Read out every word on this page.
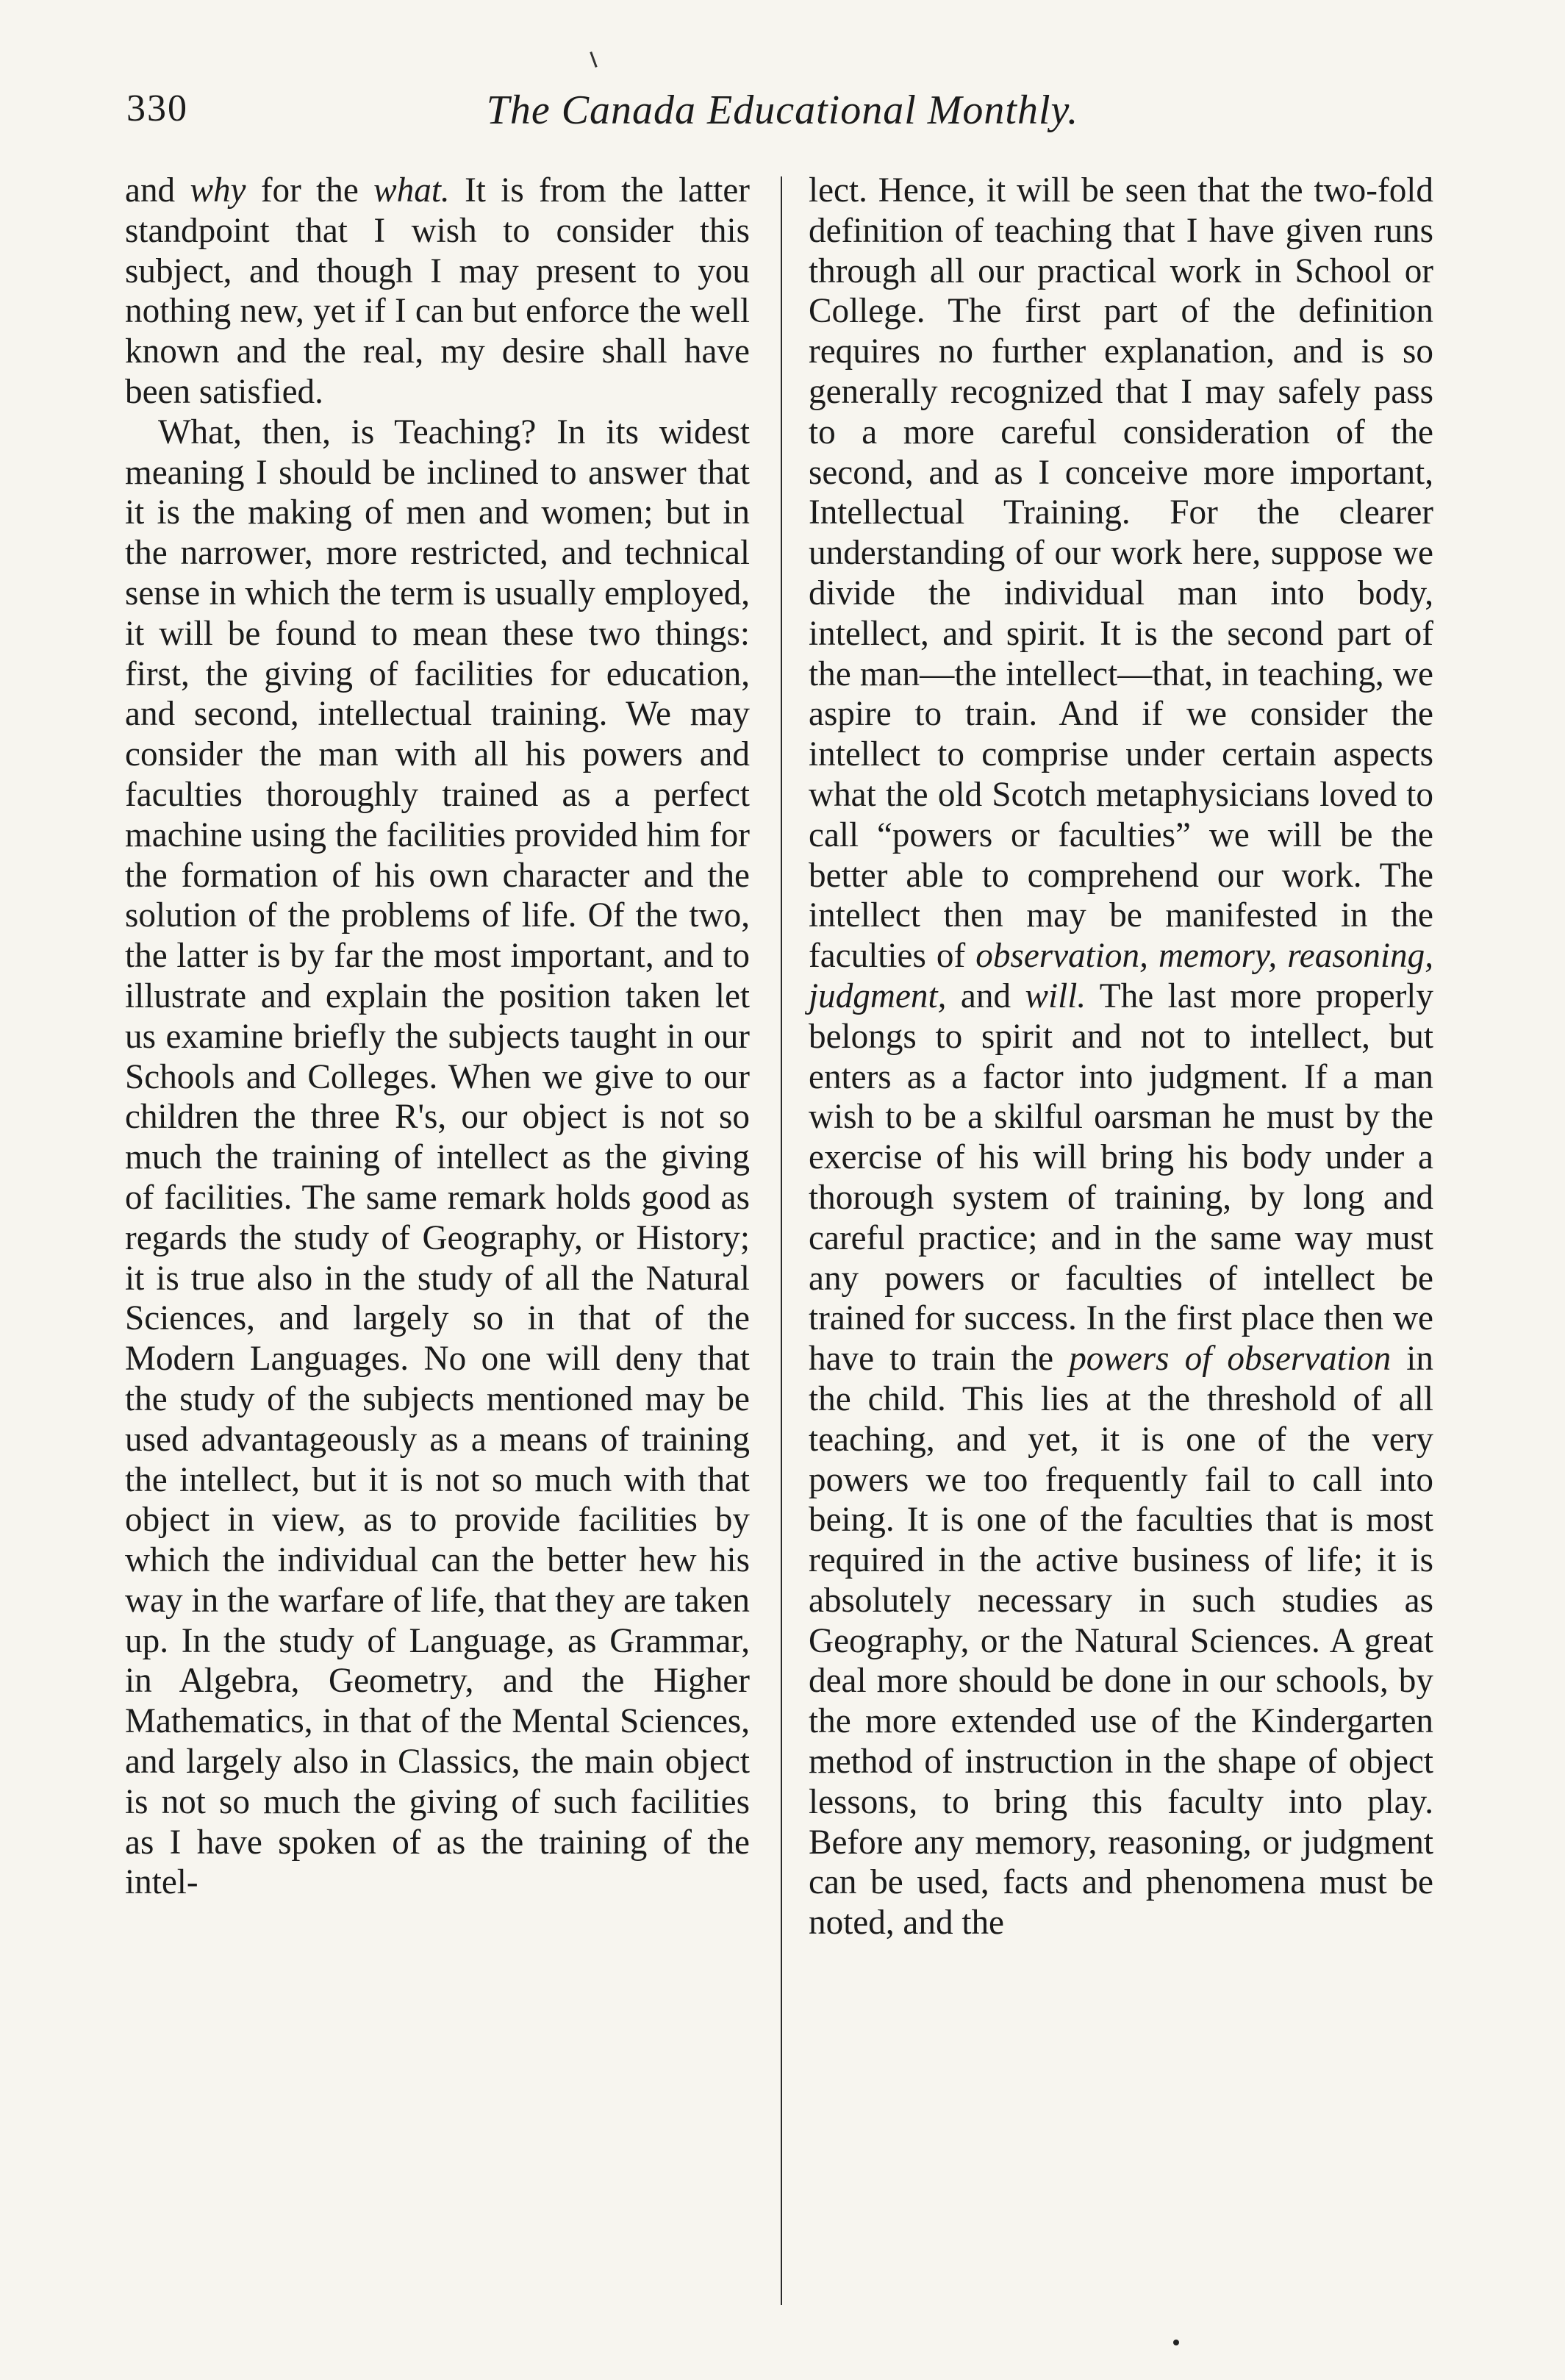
330	The Canada Educational Monthly.

and why for the what. It is from the latter standpoint that I wish to consider this subject, and though I may present to you nothing new, yet if I can but enforce the well known and the real, my desire shall have been satisfied.

What, then, is Teaching? In its widest meaning I should be inclined to answer that it is the making of men and women; but in the narrower, more restricted, and technical sense in which the term is usually employed, it will be found to mean these two things: first, the giving of facilities for education, and second, intellectual training. We may consider the man with all his powers and faculties thoroughly trained as a perfect machine using the facilities provided him for the formation of his own character and the solution of the problems of life. Of the two, the latter is by far the most important, and to illustrate and explain the position taken let us examine briefly the subjects taught in our Schools and Colleges. When we give to our children the three R's, our object is not so much the training of intellect as the giving of facilities. The same remark holds good as regards the study of Geography, or History; it is true also in the study of all the Natural Sciences, and largely so in that of the Modern Languages. No one will deny that the study of the subjects mentioned may be used advantageously as a means of training the intellect, but it is not so much with that object in view, as to provide facilities by which the individual can the better hew his way in the warfare of life, that they are taken up. In the study of Language, as Grammar, in Algebra, Geometry, and the Higher Mathematics, in that of the Mental Sciences, and largely also in Classics, the main object is not so much the giving of such facilities as I have spoken of as the training of the intel-

lect. Hence, it will be seen that the two-fold definition of teaching that I have given runs through all our practical work in School or College. The first part of the definition requires no further explanation, and is so generally recognized that I may safely pass to a more careful consideration of the second, and as I conceive more important, Intellectual Training. For the clearer understanding of our work here, suppose we divide the individual man into body, intellect, and spirit. It is the second part of the man—the intellect—that, in teaching, we aspire to train. And if we consider the intellect to comprise under certain aspects what the old Scotch metaphysicians loved to call “powers or faculties” we will be the better able to comprehend our work. The intellect then may be manifested in the faculties of observation, memory, reasoning, judgment, and will. The last more properly belongs to spirit and not to intellect, but enters as a factor into judgment. If a man wish to be a skilful oarsman he must by the exercise of his will bring his body under a thorough system of training, by long and careful practice; and in the same way must any powers or faculties of intellect be trained for success. In the first place then we have to train the powers of observation in the child. This lies at the threshold of all teaching, and yet, it is one of the very powers we too frequently fail to call into being. It is one of the faculties that is most required in the active business of life; it is absolutely necessary in such studies as Geography, or the Natural Sciences. A great deal more should be done in our schools, by the more extended use of the Kindergarten method of instruction in the shape of object lessons, to bring this faculty into play. Before any memory, reasoning, or judgment can be used, facts and phenomena must be noted, and the
